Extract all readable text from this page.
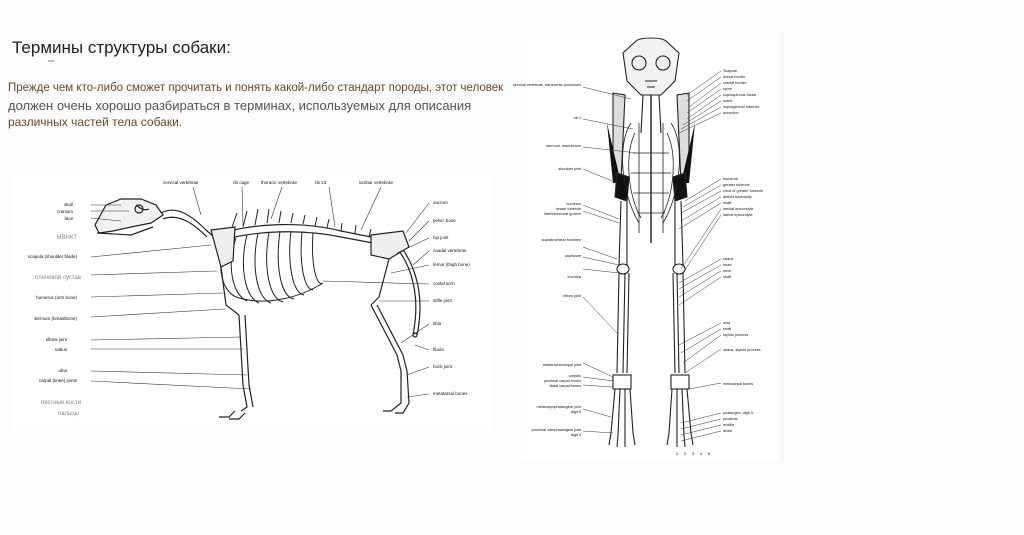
Термины структуры собаки:
Прежде чем кто-либо сможет прочитать и понять какой-либо стандарт породы, этот человек
должен очень хорошо разбираться в терминах, используемых для описания
различных частей тела собаки.
cervical vertebrae	rib cage	thoracic vertebrae	rib 13	lumbar vertebrae
skull
cranium
face
scapula (shoulder blade)
humerus (arm bone)
sternum (breastbone)
elbow joint
radius
ulna
carpal (knee) joints
МВНКТ
плечевой сустав
пястные кости
пальцы
sacrum
pelvic bone
hip joint
caudal vertebrae
femur (thigh bone)
costal arch
stifle joint
tibia
fibula
hock joint
metatarsal bones
cervical vertebrae, transverse processes
rib 1
sternum, manubrium
shoulder joint
humerus
lesser tubercle
intertubercular groove
supratrochlear foramen
capitulum
trochlea
elbow joint
antebrachiocarpal joint
carpals
proximal carpal bones
distal carpal bones
metacarpophalangeal joint
digit 5
proximal interphalangeal joint
digit 4
Scapula
dorsal border
cranial border
spine
supraspinous fossa
notch
supraglenoid tubercle
acromion
humerus
greater tubercle
crest of greater tubercle
deltoid tuberosity
shaft
medial epicondyle
lateral epicondyle
radius
head
neck
shaft
ulna
shaft
styloid process
radius, styloid process
metacarpal bones
phalanges, digit 3:
proximal
middle
distal
1 2 3 4 5
